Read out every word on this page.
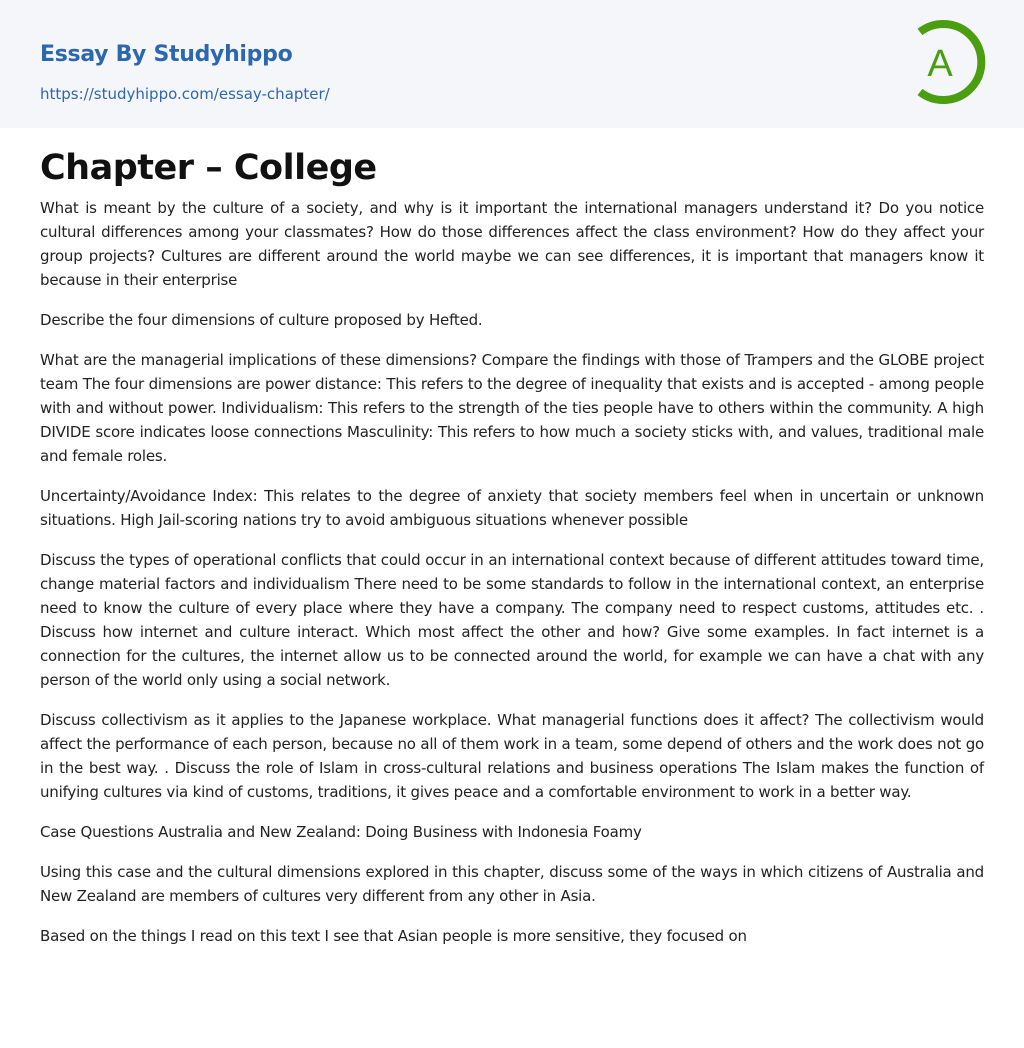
Essay By Studyhippo
https://studyhippo.com/essay-chapter/
A
Chapter – College

What is meant by the culture of a society, and why is it important the international managers understand it? Do you notice cultural differences among your classmates? How do those differences affect the class environment? How do they affect your group projects? Cultures are different around the world maybe we can see differences, it is important that managers know it because in their enterprise

Describe the four dimensions of culture proposed by Hefted.

What are the managerial implications of these dimensions? Compare the findings with those of Trampers and the GLOBE project team The four dimensions are power distance: This refers to the degree of inequality that exists and is accepted - among people with and without power. Individualism: This refers to the strength of the ties people have to others within the community. A high DIVIDE score indicates loose connections Masculinity: This refers to how much a society sticks with, and values, traditional male and female roles.

Uncertainty/Avoidance Index: This relates to the degree of anxiety that society members feel when in uncertain or unknown situations. High Jail-scoring nations try to avoid ambiguous situations whenever possible

Discuss the types of operational conflicts that could occur in an international context because of different attitudes toward time, change material factors and individualism There need to be some standards to follow in the international context, an enterprise need to know the culture of every place where they have a company. The company need to respect customs, attitudes etc. . Discuss how internet and culture interact. Which most affect the other and how? Give some examples. In fact internet is a connection for the cultures, the internet allow us to be connected around the world, for example we can have a chat with any person of the world only using a social network.

Discuss collectivism as it applies to the Japanese workplace. What managerial functions does it affect? The collectivism would affect the performance of each person, because no all of them work in a team, some depend of others and the work does not go in the best way. . Discuss the role of Islam in cross-cultural relations and business operations The Islam makes the function of unifying cultures via kind of customs, traditions, it gives peace and a comfortable environment to work in a better way.

Case Questions Australia and New Zealand: Doing Business with Indonesia Foamy

Using this case and the cultural dimensions explored in this chapter, discuss some of the ways in which citizens of Australia and New Zealand are members of cultures very different from any other in Asia.

Based on the things I read on this text I see that Asian people is more sensitive, they focused on
